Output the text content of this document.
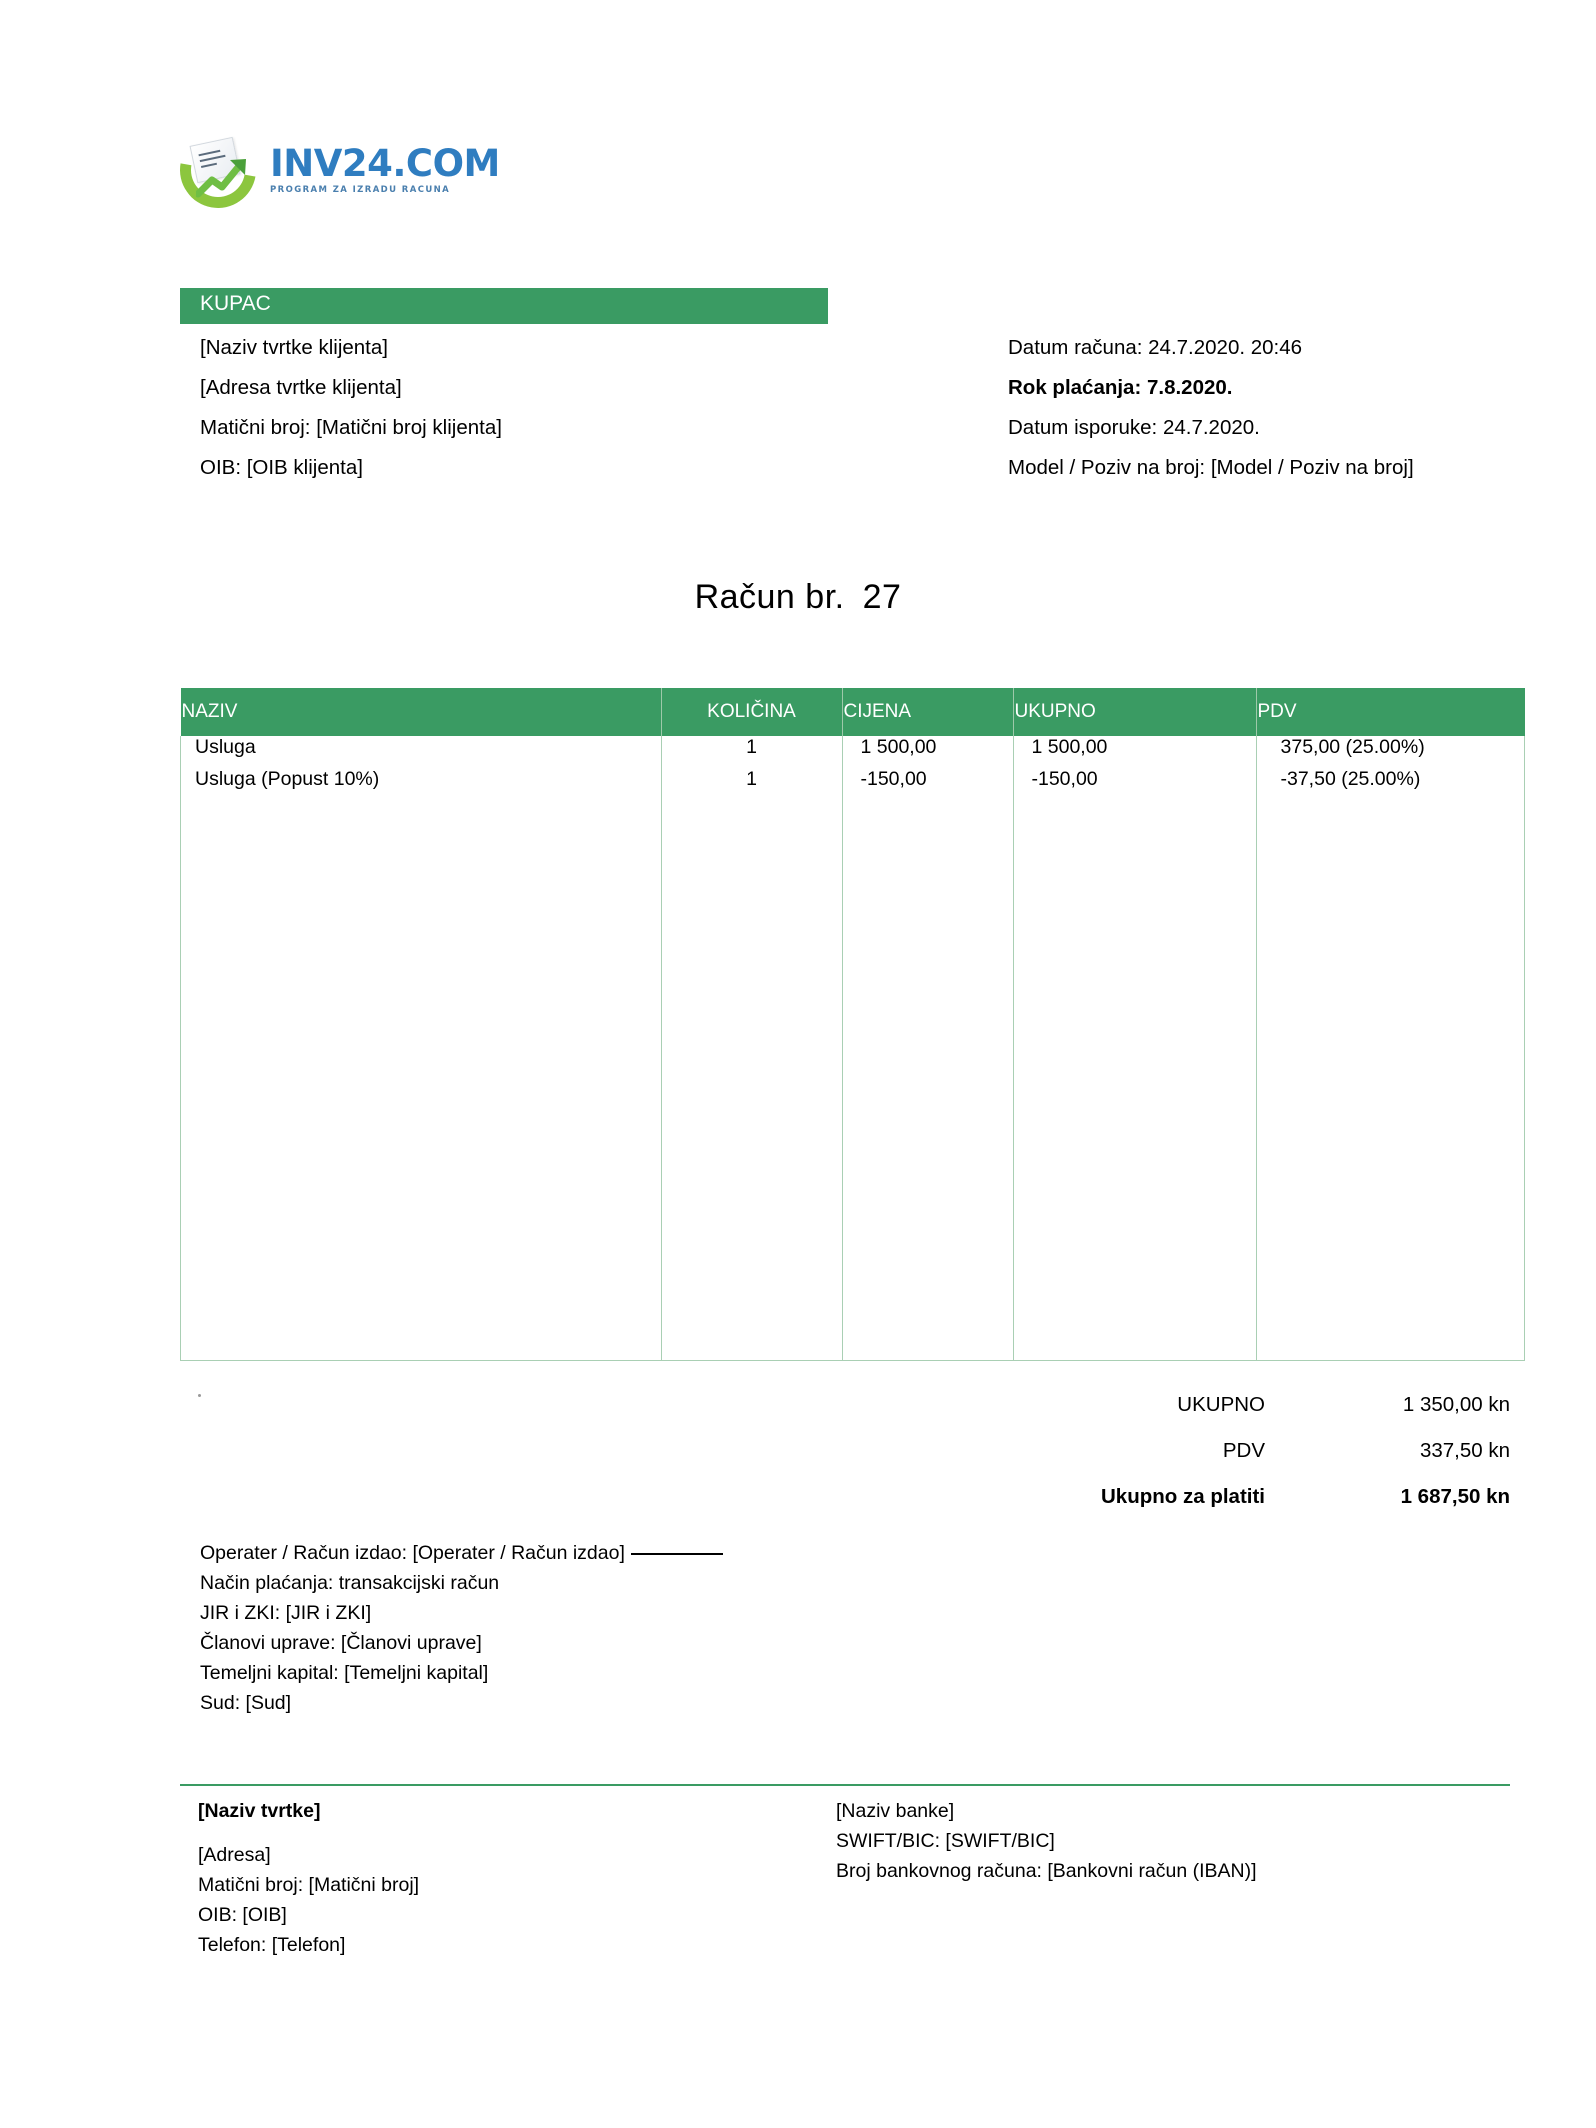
INV24.COM
PROGRAM ZA IZRADU RACUNA
KUPAC
[Naziv tvrtke klijenta]
[Adresa tvrtke klijenta]
Matični broj: [Matični broj klijenta]
OIB: [OIB klijenta]
Datum računa: 24.7.2020. 20:46
Rok plaćanja: 7.8.2020.
Datum isporuke: 24.7.2020.
Model / Poziv na broj: [Model / Poziv na broj]
Račun br. 27
NAZIV	KOLIČINA	CIJENA	UKUPNO	PDV
Usluga	1	1 500,00	1 500,00	375,00 (25.00%)
Usluga (Popust 10%)	1	-150,00	-150,00	-37,50 (25.00%)

UKUPNO	1 350,00 kn
PDV	337,50 kn
Ukupno za platiti	1 687,50 kn
Operater / Račun izdao: [Operater / Račun izdao]
Način plaćanja: transakcijski račun
JIR i ZKI: [JIR i ZKI]
Članovi uprave: [Članovi uprave]
Temeljni kapital: [Temeljni kapital]
Sud: [Sud]
[Naziv tvrtke]
[Adresa]
Matični broj: [Matični broj]
OIB: [OIB]
Telefon: [Telefon]
[Naziv banke]
SWIFT/BIC: [SWIFT/BIC]
Broj bankovnog računa: [Bankovni račun (IBAN)]
